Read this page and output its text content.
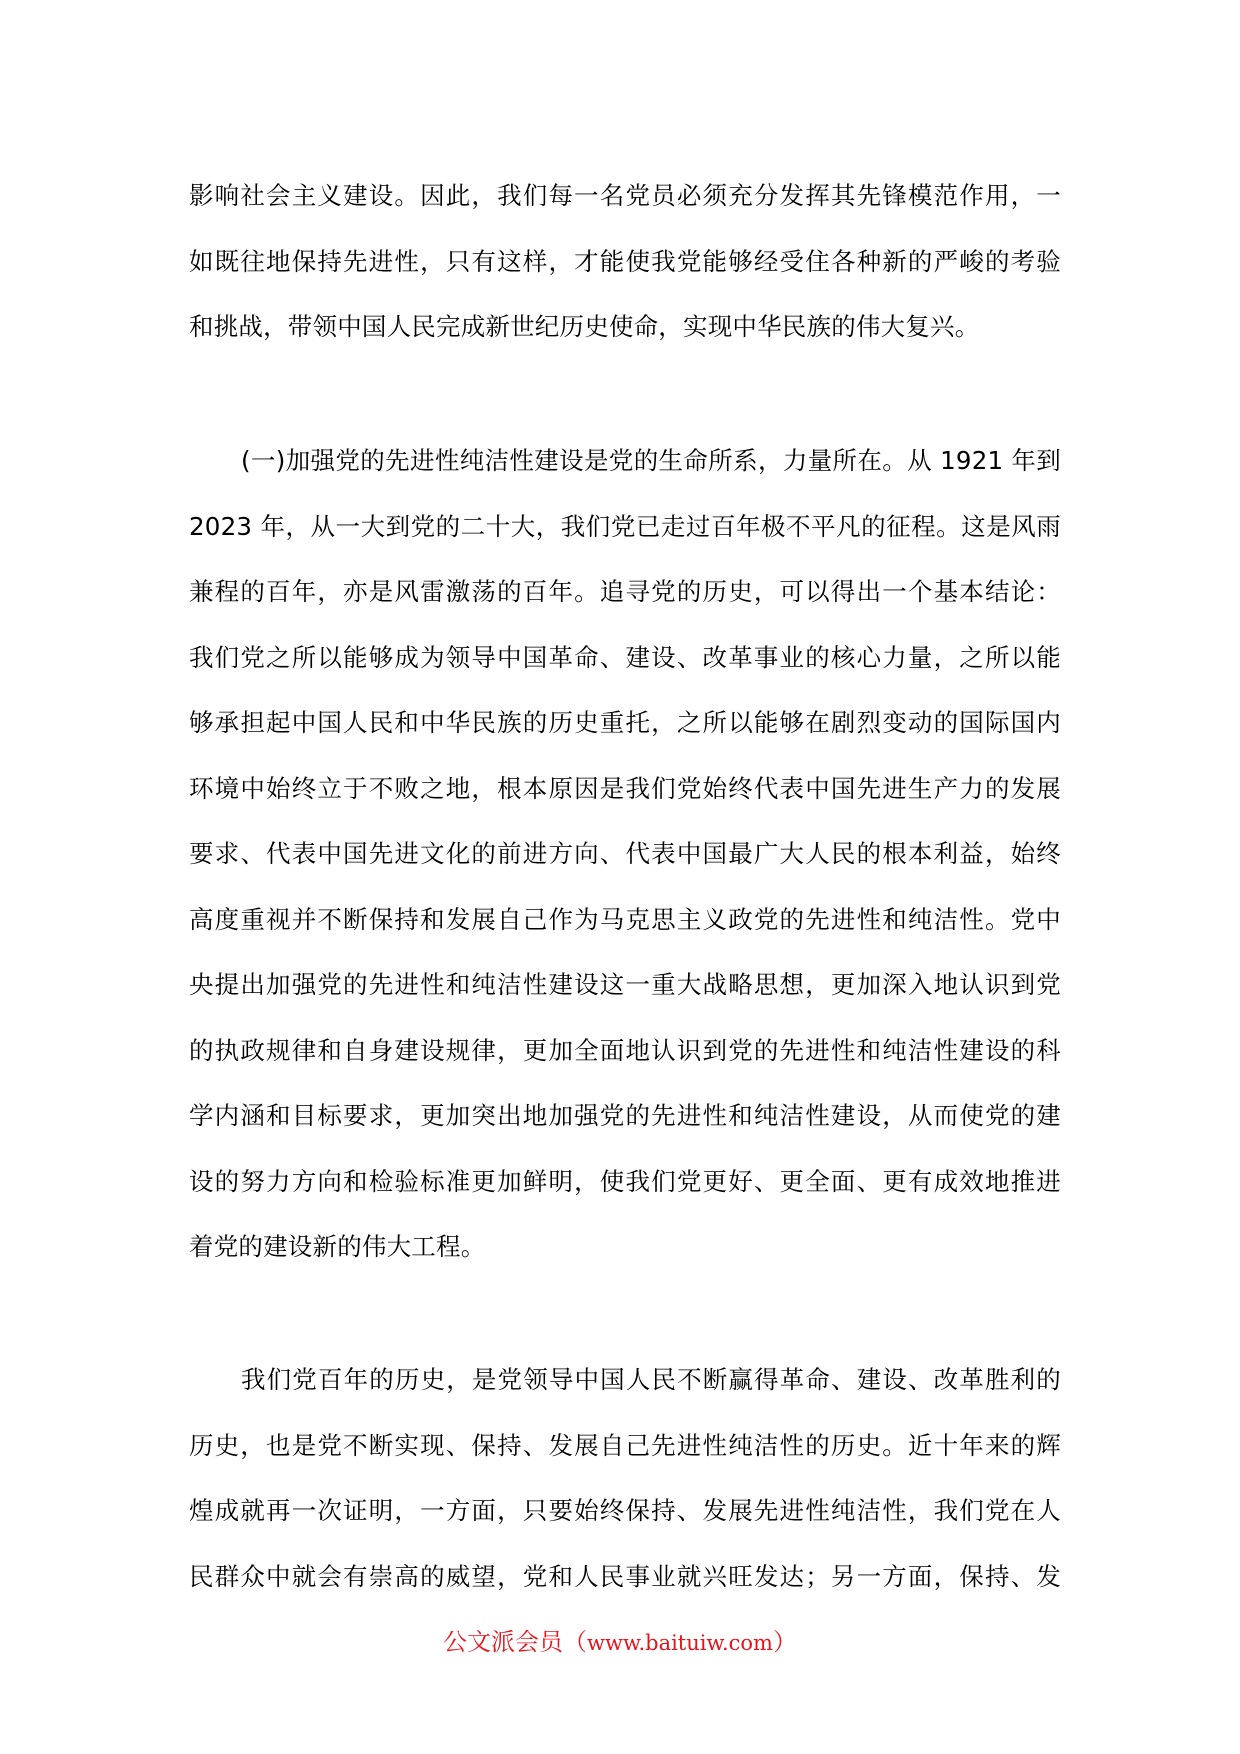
影响社会主义建设。因此，我们每一名党员必须充分发挥其先锋模范作用，一
如既往地保持先进性，只有这样，才能使我党能够经受住各种新的严峻的考验
和挑战，带领中国人民完成新世纪历史使命，实现中华民族的伟大复兴。
(一)加强党的先进性纯洁性建设是党的生命所系，力量所在。从 1921 年到
2023 年，从一大到党的二十大，我们党已走过百年极不平凡的征程。这是风雨
兼程的百年，亦是风雷激荡的百年。追寻党的历史，可以得出一个基本结论：
我们党之所以能够成为领导中国革命、建设、改革事业的核心力量，之所以能
够承担起中国人民和中华民族的历史重托，之所以能够在剧烈变动的国际国内
环境中始终立于不败之地，根本原因是我们党始终代表中国先进生产力的发展
要求、代表中国先进文化的前进方向、代表中国最广大人民的根本利益，始终
高度重视并不断保持和发展自己作为马克思主义政党的先进性和纯洁性。党中
央提出加强党的先进性和纯洁性建设这一重大战略思想，更加深入地认识到党
的执政规律和自身建设规律，更加全面地认识到党的先进性和纯洁性建设的科
学内涵和目标要求，更加突出地加强党的先进性和纯洁性建设，从而使党的建
设的努力方向和检验标准更加鲜明，使我们党更好、更全面、更有成效地推进
着党的建设新的伟大工程。
我们党百年的历史，是党领导中国人民不断赢得革命、建设、改革胜利的
历史，也是党不断实现、保持、发展自己先进性纯洁性的历史。近十年来的辉
煌成就再一次证明，一方面，只要始终保持、发展先进性纯洁性，我们党在人
民群众中就会有崇高的威望，党和人民事业就兴旺发达；另一方面，保持、发
公文派会员（www.baituiw.com）
